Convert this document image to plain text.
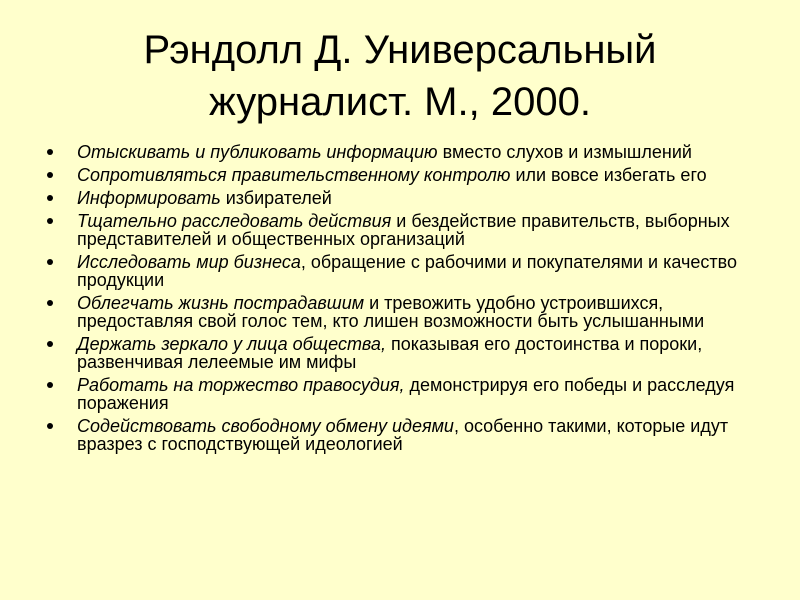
Рэндолл Д. Универсальный
журналист. М., 2000.
Отыскивать и публиковать информацию вместо слухов и измышлений
Сопротивляться правительственному контролю или вовсе избегать его
Информировать избирателей
Тщательно расследовать действия и бездействие правительств, выборных представителей и общественных организаций
Исследовать мир бизнеса, обращение с рабочими и покупателями и качество продукции
Облегчать жизнь пострадавшим и тревожить удобно устроившихся, предоставляя свой голос тем, кто лишен возможности быть услышанными
Держать зеркало у лица общества, показывая его достоинства и пороки, развенчивая лелеемые им мифы
Работать на торжество правосудия, демонстрируя его победы и расследуя поражения
Содействовать свободному обмену идеями, особенно такими, которые идут вразрез с господствующей идеологией
